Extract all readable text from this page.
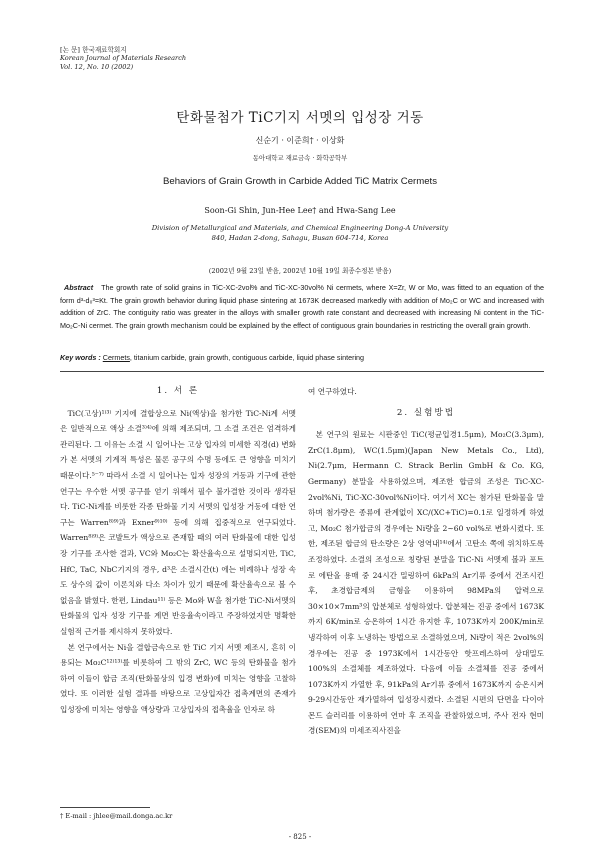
[논 문] 한국재료학회지
Korean Journal of Materials Research
Vol. 12, No. 10 (2002)
탄화물첨가 TiC기지 서멧의 입성장 거동
신순기 · 이준희† · 이상화
동아대학교 재료금속 · 화학공학부
Behaviors of Grain Growth in Carbide Added TiC Matrix Cermets
Soon-Gi Shin, Jun-Hee Lee† and Hwa-Sang Lee
Division of Metallurgical and Materials, and Chemical Engineering Dong-A University
840, Hadan 2-dong, Sahagu, Busan 604-714, Korea
(2002년 9월 23일 받음, 2002년 10월 19일 최종수정본 받음)
Abstract The growth rate of solid grains in TiC-XC-2vol% and TiC-XC-30vol% Ni cermets, where X=Zr, W or Mo, was fitted to an equation of the form d³-d₀³=Kt. The grain growth behavior during liquid phase sintering at 1673K decreased markedly with addition of Mo₂C or WC and increased with addition of ZrC. The contiguity ratio was greater in the alloys with smaller growth rate constant and decreased with increasing Ni content in the TiC-Mo₂C-Ni cermet. The grain growth mechanism could be explained by the effect of contiguous grain boundaries in restricting the overall grain growth.
Key words : Cermets, titanium carbide, grain growth, contiguous carbide, liquid phase sintering
1. 서 론

TiC(고상)¹⁾³⁾ 기지에 결합상으로 Ni(액상)을 첨가한 TiC-Ni계 서멧은 일반적으로 액상 소결³⁾⁴⁾에 의해 제조되며, 그 소결 조건은 엄격하게 관리된다. 그 이유는 소결 시 일어나는 고상 입자의 미세한 직경(d) 변화가 본 서멧의 기계적 특성은 물론 공구의 수명 등에도 큰 영향을 미치기 때문이다.⁵⁻⁷⁾ 따라서 소결 시 일어나는 입자 성장의 거동과 기구에 관한 연구는 우수한 서멧 공구를 얻기 위해서 필수 불가결한 것이라 생각된다. TiC-Ni계를 비롯한 각종 탄화물 기지 서멧의 입성장 거동에 대한 연구는 Warren⁸⁾⁹⁾과 Exner⁹⁾¹⁰⁾ 등에 의해 집중적으로 연구되었다. Warren⁸⁾⁹⁾은 코발트가 액상으로 존재할 때의 여러 탄화물에 대한 입성장 기구를 조사한 결과, VC와 Mo₂C는 확산율속으로 설명되지만, TiC, HfC, TaC, NbC기지의 경우, d³은 소결시간(t) 에는 비례하나 성장 속도 상수의 값이 이론치와 다소 차이가 있기 때문에 확산율속으로 볼 수 없음을 밝혔다. 한편, Lindau¹¹⁾ 등은 Mo와 W을 첨가한 TiC-Ni서멧의 탄화물의 입자 성장 기구를 계면 반응율속이라고 주장하였지만 명확한 실험적 근거를 제시하지 못하였다.

본 연구에서는 Ni을 결합금속으로 한 TiC 기지 서멧 제조시, 흔히 이용되는 Mo₂C¹²⁾¹³⁾를 비롯하여 그 밖의 ZrC, WC 등의 탄화물을 첨가하여 이들이 합금 조직(탄화물상의 입경 변화)에 미치는 영향을 고찰하였다. 또 이러한 실험 결과를 바탕으로 고상입자간 접촉계면의 존재가 입성장에 미치는 영향을 액상량과 고상입자의 접촉율을 인자로 하

여 연구하였다.

2. 실험방법

본 연구의 원료는 시판중인 TiC(평균입경1.5μm), Mo₂C(3.3μm), ZrC(1.8μm), WC(1.5μm)(Japan New Metals Co., Ltd), Ni(2.7μm, Hermann C. Strack Berlin GmbH & Co. KG, Germany) 분말을 사용하였으며, 제조한 합금의 조성은 TiC-XC-2vol%Ni, TiC-XC-30vol%Ni이다. 여기서 XC는 첨가된 탄화물을 말하며 첨가량은 종류에 관계없이 XC/(XC+TiC)=0.1로 일정하게 하였고, Mo₂C 첨가합금의 경우에는 Ni량을 2~60 vol%로 변화시켰다. 또한, 제조된 합금의 탄소량은 2상 영역내¹⁴⁾에서 고탄소 쪽에 위치하도록 조정하였다. 소결의 조성으로 칭량된 분말을 TiC-Ni 서멧제 볼과 포트로 에탄올 용매 중 24시간 밀링하여 6kPa의 Ar기류 중에서 건조시킨 후, 초경합금제의 금형을 이용하여 98MPa의 압력으로 30×10×7mm³의 압분체로 성형하였다. 압분체는 진공 중에서 1673K까지 6K/min로 승온하여 1시간 유지한 후, 1073K까지 200K/min로 냉각하여 이후 노냉하는 방법으로 소결하였으며, Ni량이 적은 2vol%의 경우에는 진공 중 1973K에서 1시간동안 핫프레스하여 상대밀도 100%의 소결체를 제조하였다. 다음에 이들 소결체를 진공 중에서 1073K까지 가열한 후, 91kPa의 Ar기류 중에서 1673K까지 승온시켜 9-29시간동안 재가열하여 입성장시켰다. 소결된 시편의 단면을 다이아몬드 슬러리를 이용하여 연마 후 조직을 관찰하였으며, 주사 전자 현미경(SEM)의 미세조직사진을

† E-mail : jhlee@mail.donga.ac.kr
- 825 -
